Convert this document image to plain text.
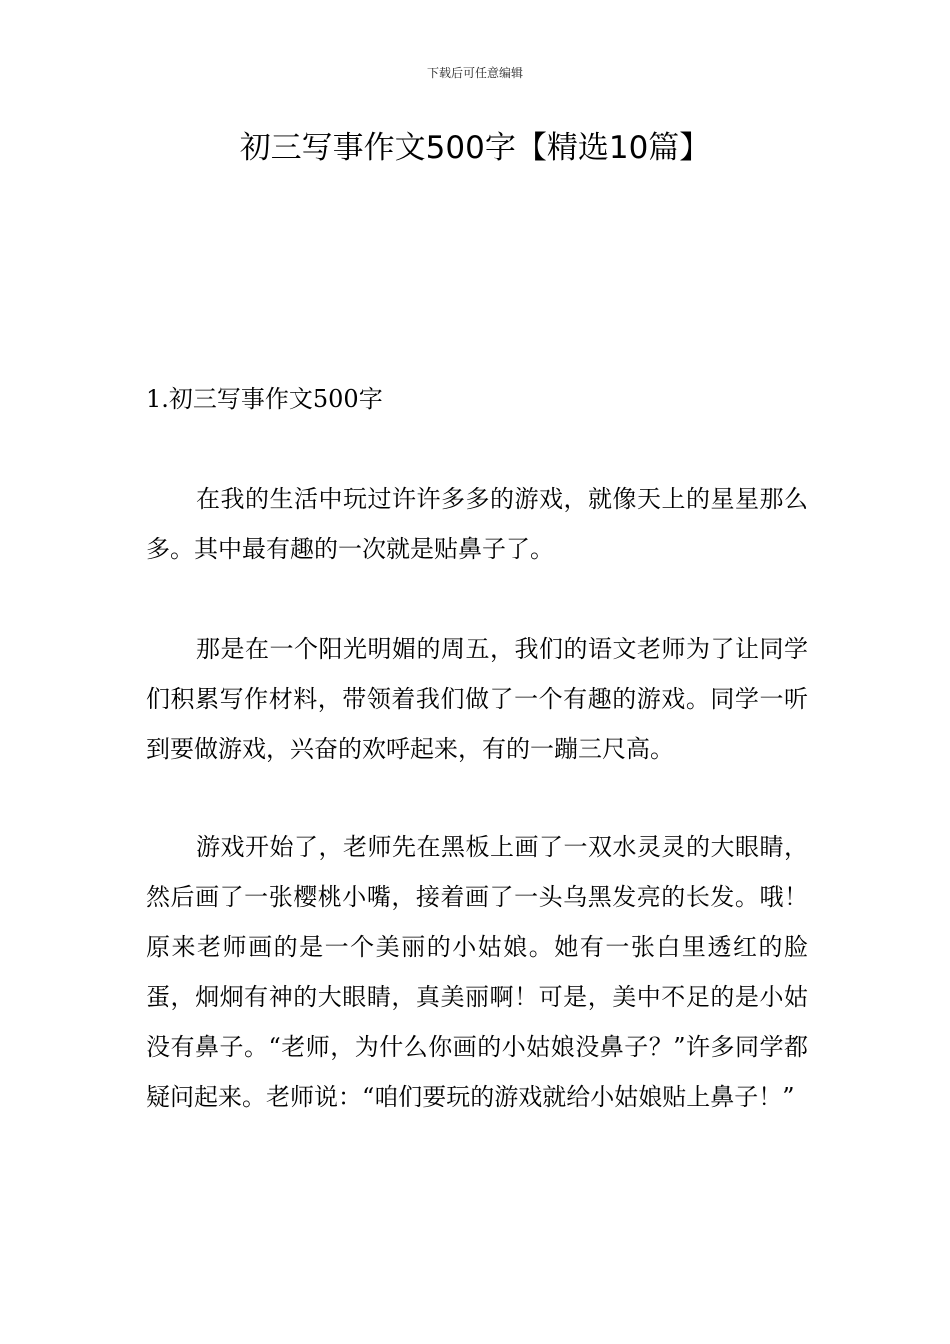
下载后可任意编辑
初三写事作文500字【精选10篇】
1.初三写事作文500字

在我的生活中玩过许许多多的游戏，就像天上的星星那么多。其中最有趣的一次就是贴鼻子了。

那是在一个阳光明媚的周五，我们的语文老师为了让同学们积累写作材料，带领着我们做了一个有趣的游戏。同学一听到要做游戏，兴奋的欢呼起来，有的一蹦三尺高。

游戏开始了，老师先在黑板上画了一双水灵灵的大眼睛，然后画了一张樱桃小嘴，接着画了一头乌黑发亮的长发。哦！原来老师画的是一个美丽的小姑娘。她有一张白里透红的脸蛋，炯炯有神的大眼睛，真美丽啊！可是，美中不足的是小姑没有鼻子。“老师，为什么你画的小姑娘没鼻子？”许多同学都疑问起来。老师说：“咱们要玩的游戏就给小姑娘贴上鼻子！”
